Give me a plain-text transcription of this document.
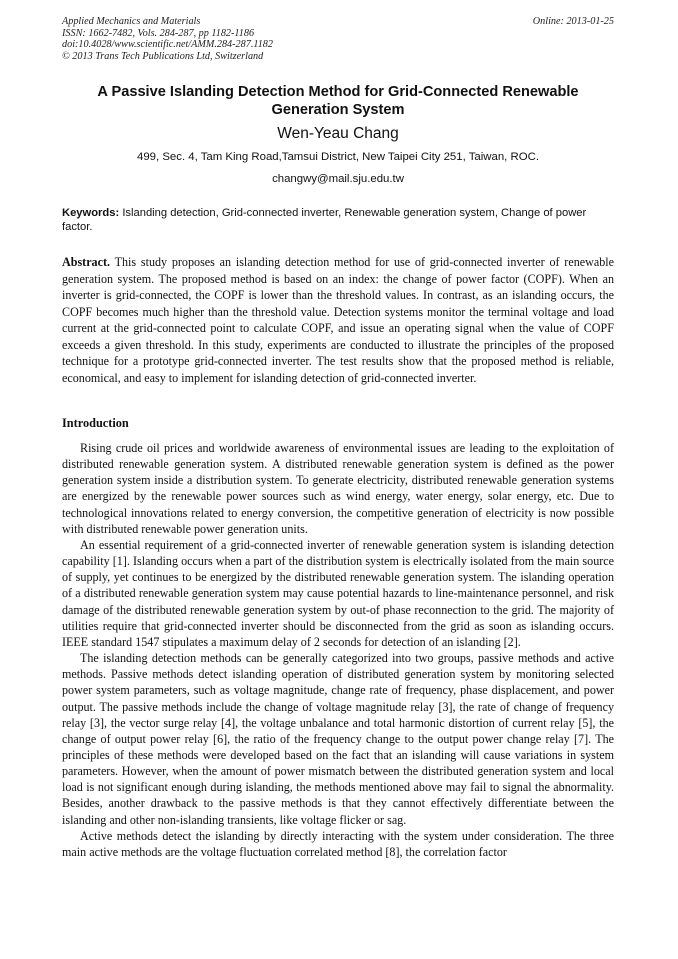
Applied Mechanics and Materials
ISSN: 1662-7482, Vols. 284-287, pp 1182-1186
doi:10.4028/www.scientific.net/AMM.284-287.1182
© 2013 Trans Tech Publications Ltd, Switzerland
Online: 2013-01-25
A Passive Islanding Detection Method for Grid-Connected Renewable Generation System
Wen-Yeau Chang
499, Sec. 4, Tam King Road,Tamsui District, New Taipei City 251, Taiwan, ROC.
changwy@mail.sju.edu.tw
Keywords: Islanding detection, Grid-connected inverter, Renewable generation system, Change of power factor.
Abstract. This study proposes an islanding detection method for use of grid-connected inverter of renewable generation system. The proposed method is based on an index: the change of power factor (COPF). When an inverter is grid-connected, the COPF is lower than the threshold values. In contrast, as an islanding occurs, the COPF becomes much higher than the threshold value. Detection systems monitor the terminal voltage and load current at the grid-connected point to calculate COPF, and issue an operating signal when the value of COPF exceeds a given threshold. In this study, experiments are conducted to illustrate the principles of the proposed technique for a prototype grid-connected inverter. The test results show that the proposed method is reliable, economical, and easy to implement for islanding detection of grid-connected inverter.
Introduction

Rising crude oil prices and worldwide awareness of environmental issues are leading to the exploitation of distributed renewable generation system. A distributed renewable generation system is defined as the power generation system inside a distribution system. To generate electricity, distributed renewable generation systems are energized by the renewable power sources such as wind energy, water energy, solar energy, etc. Due to technological innovations related to energy conversion, the competitive generation of electricity is now possible with distributed renewable power generation units.

An essential requirement of a grid-connected inverter of renewable generation system is islanding detection capability [1]. Islanding occurs when a part of the distribution system is electrically isolated from the main source of supply, yet continues to be energized by the distributed renewable generation system. The islanding operation of a distributed renewable generation system may cause potential hazards to line-maintenance personnel, and risk damage of the distributed renewable generation system by out-of phase reconnection to the grid. The majority of utilities require that grid-connected inverter should be disconnected from the grid as soon as islanding occurs. IEEE standard 1547 stipulates a maximum delay of 2 seconds for detection of an islanding [2].

The islanding detection methods can be generally categorized into two groups, passive methods and active methods. Passive methods detect islanding operation of distributed generation system by monitoring selected power system parameters, such as voltage magnitude, change rate of frequency, phase displacement, and power output. The passive methods include the change of voltage magnitude relay [3], the rate of change of frequency relay [3], the vector surge relay [4], the voltage unbalance and total harmonic distortion of current relay [5], the change of output power relay [6], the ratio of the frequency change to the output power change relay [7]. The principles of these methods were developed based on the fact that an islanding will cause variations in system parameters. However, when the amount of power mismatch between the distributed generation system and local load is not significant enough during islanding, the methods mentioned above may fail to signal the abnormality. Besides, another drawback to the passive methods is that they cannot effectively differentiate between the islanding and other non-islanding transients, like voltage flicker or sag.

Active methods detect the islanding by directly interacting with the system under consideration. The three main active methods are the voltage fluctuation correlated method [8], the correlation factor
